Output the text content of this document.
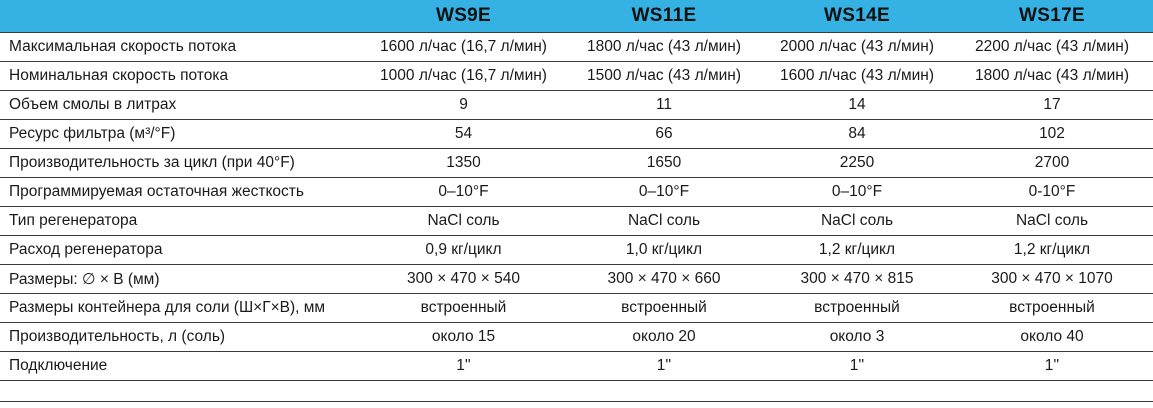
	WS9E	WS11E	WS14E	WS17E
Максимальная скорость потока	1600 л/час (16,7 л/мин)	1800 л/час (43 л/мин)	2000 л/час (43 л/мин)	2200 л/час (43 л/мин)
Номинальная скорость потока	1000 л/час (16,7 л/мин)	1500 л/час (43 л/мин)	1600 л/час (43 л/мин)	1800 л/час (43 л/мин)
Объем смолы в литрах	9	11	14	17
Ресурс фильтра (м³/°F)	54	66	84	102
Производительность за цикл (при 40°F)	1350	1650	2250	2700
Программируемая остаточная жесткость	0–10°F	0–10°F	0–10°F	0-10°F
Тип регенератора	NaCl соль	NaCl соль	NaCl соль	NaCl соль
Расход регенератора	0,9 кг/цикл	1,0 кг/цикл	1,2 кг/цикл	1,2 кг/цикл
Размеры: ∅ × В (мм)	300 × 470 × 540	300 × 470 × 660	300 × 470 × 815	300 × 470 × 1070
Размеры контейнера для соли (Ш×Г×В), мм	встроенный	встроенный	встроенный	встроенный
Производительность, л (соль)	около 15	около 20	около 3	около 40
Подключение	1''	1''	1''	1''
